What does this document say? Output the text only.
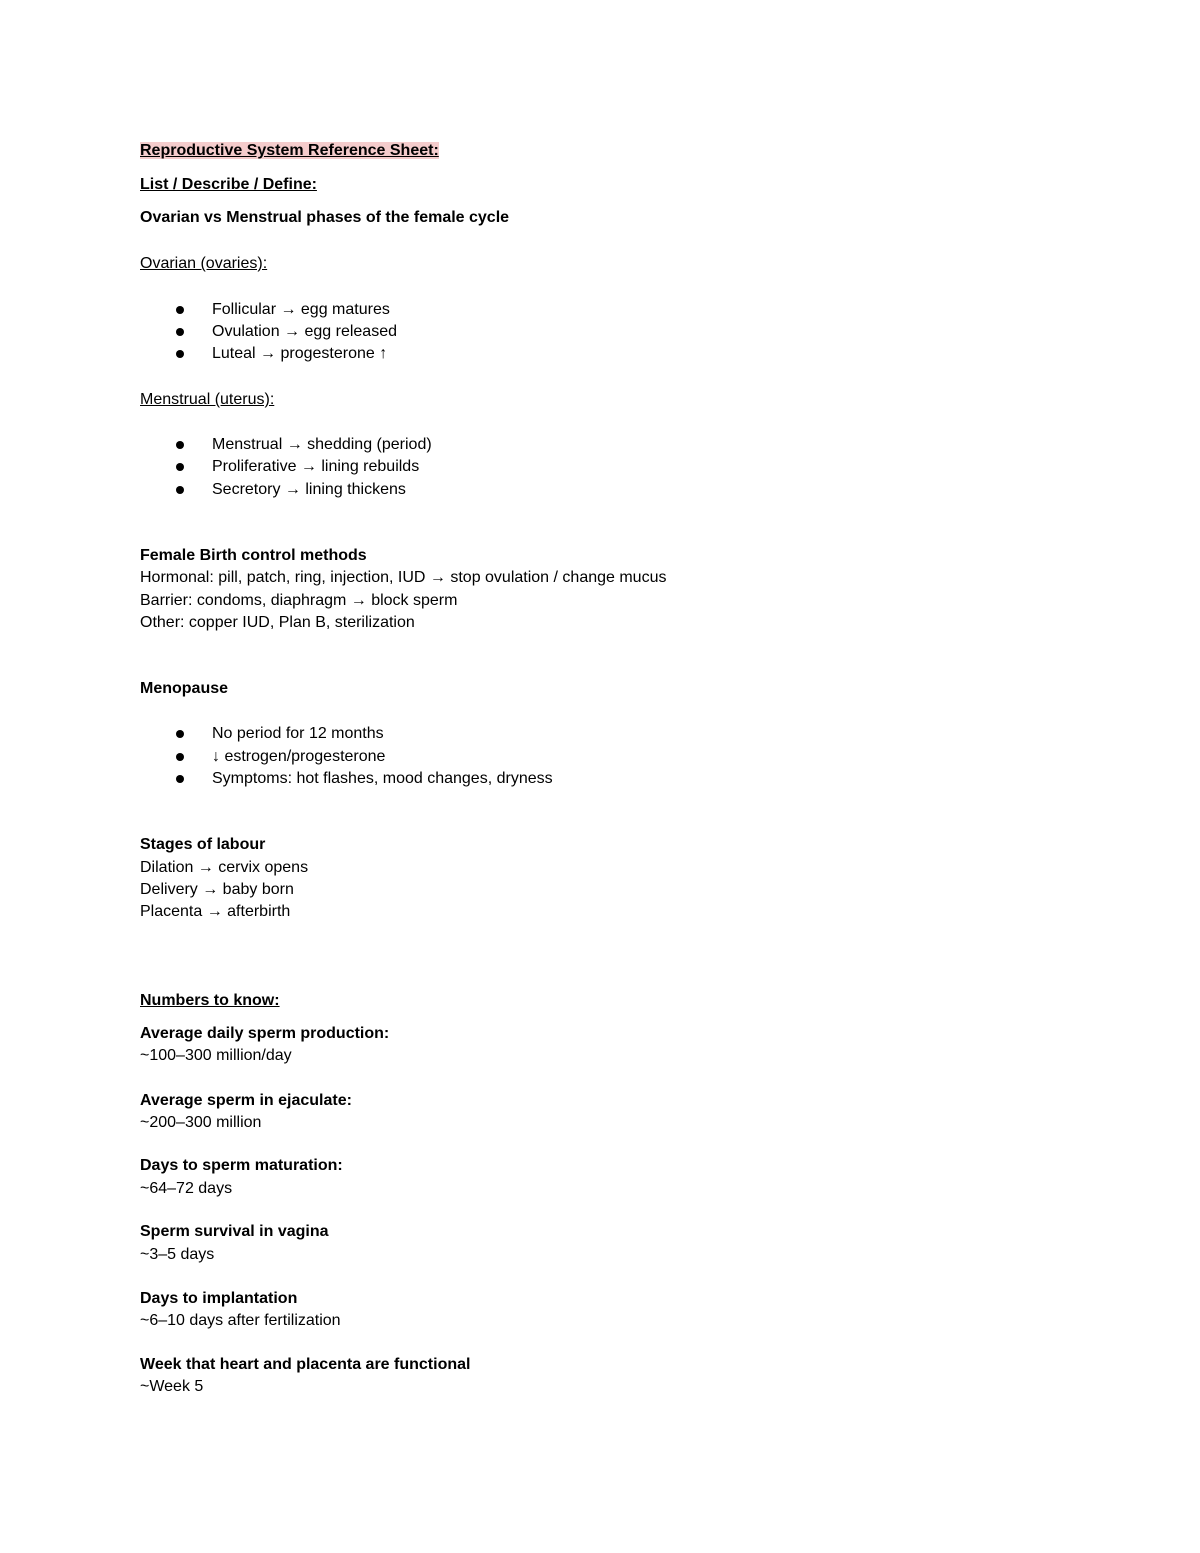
Reproductive System Reference Sheet:
List / Describe / Define:
Ovarian vs Menstrual phases of the female cycle
Ovarian (ovaries):
Follicular → egg matures
Ovulation → egg released
Luteal → progesterone ↑
Menstrual (uterus):
Menstrual → shedding (period)
Proliferative → lining rebuilds
Secretory → lining thickens
Female Birth control methods
Hormonal: pill, patch, ring, injection, IUD → stop ovulation / change mucus
Barrier: condoms, diaphragm → block sperm
Other: copper IUD, Plan B, sterilization
Menopause
No period for 12 months
↓ estrogen/progesterone
Symptoms: hot flashes, mood changes, dryness
Stages of labour
Dilation → cervix opens
Delivery → baby born
Placenta → afterbirth
Numbers to know:
Average daily sperm production:
~100–300 million/day
Average sperm in ejaculate:
~200–300 million
Days to sperm maturation:
~64–72 days
Sperm survival in vagina
~3–5 days
Days to implantation
~6–10 days after fertilization
Week that heart and placenta are functional
~Week 5
